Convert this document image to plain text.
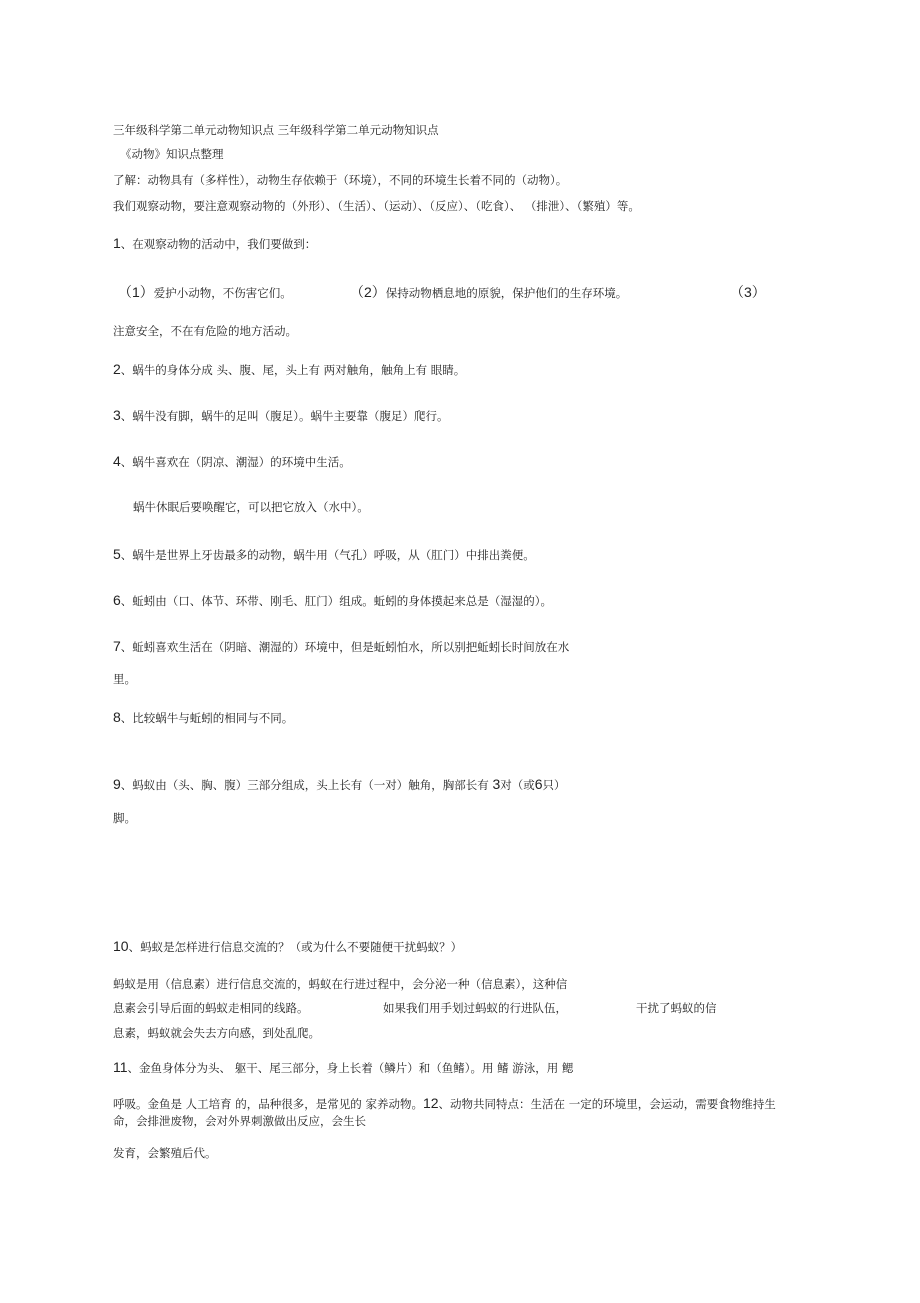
三年级科学第二单元动物知识点 三年级科学第二单元动物知识点

《动物》知识点整理

了解：动物具有（多样性），动物生存依赖于（环境），不同的环境生长着不同的（动物）。

我们观察动物，要注意观察动物的（外形）、（生活）、（运动）、（反应）、（吃食）、 （排泄）、（繁殖）等。

1、在观察动物的活动中，我们要做到：

（1）爱护小动物，不伤害它们。	（2）保持动物栖息地的原貌，保护他们的生存环境。	（3）

注意安全，不在有危险的地方活动。

2、蜗牛的身体分成 头、腹、尾，头上有 两对触角，触角上有 眼睛。

3、蜗牛没有脚，蜗牛的足叫（腹足）。蜗牛主要靠（腹足）爬行。

4、蜗牛喜欢在（阴凉、潮湿）的环境中生活。

蜗牛休眠后要唤醒它，可以把它放入（水中）。

5、蜗牛是世界上牙齿最多的动物，蜗牛用（气孔）呼吸，从（肛门）中排出粪便。

6、蚯蚓由（口、体节、环带、刚毛、肛门）组成。蚯蚓的身体摸起来总是（湿湿的）。

7、蚯蚓喜欢生活在（阴暗、潮湿的）环境中，但是蚯蚓怕水，所以别把蚯蚓长时间放在水

里。

8、比较蜗牛与蚯蚓的相同与不同。

9、蚂蚁由（头、胸、腹）三部分组成，头上长有（一对）触角，胸部长有 3对（或6只）

脚。

10、蚂蚁是怎样进行信息交流的？（或为什么不要随便干扰蚂蚁？）

蚂蚁是用（信息素）进行信息交流的，蚂蚁在行进过程中，会分泌一种（信息素），这种信

息素会引导后面的蚂蚁走相同的线路。	如果我们用手划过蚂蚁的行进队伍，	干扰了蚂蚁的信

息素，蚂蚁就会失去方向感，到处乱爬。

11、金鱼身体分为头、 躯干、尾三部分，身上长着（鳞片）和（鱼鳍）。用 鳍 游泳，用 鳃

呼吸。金鱼是 人工培育 的，品种很多，是常见的 家养动物。12、动物共同特点：生活在 一定的环境里，会运动，需要食物维持生命，会排泄废物，会对外界刺激做出反应，会生长

发育，会繁殖后代。
